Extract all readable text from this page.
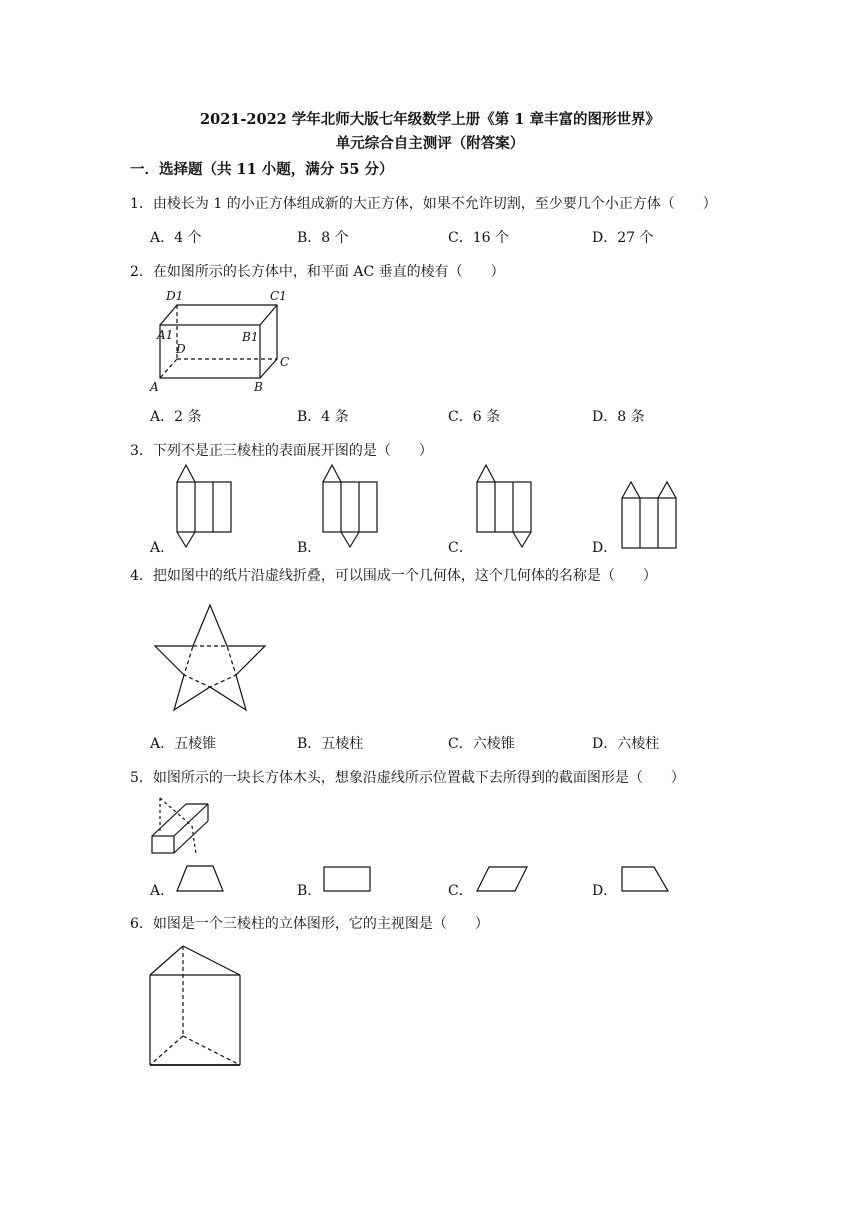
2021-2022 学年北师大版七年级数学上册《第 1 章丰富的图形世界》
单元综合自主测评（附答案）
一．选择题（共 11 小题，满分 55 分）
1．由棱长为 1 的小正方体组成新的大正方体，如果不允许切割，至少要几个小正方体（　　）
A．4 个	B．8 个	C．16 个	D．27 个
2．在如图所示的长方体中，和平面 AC 垂直的棱有（　　）
D1	C1
A1	B1
D
C
A	B
A．2 条	B．4 条	C．6 条	D．8 条
3．下列不是正三棱柱的表面展开图的是（　　）
A．	B．	C．	D．
4．把如图中的纸片沿虚线折叠，可以围成一个几何体，这个几何体的名称是（　　）
A．五棱锥	B．五棱柱	C．六棱锥	D．六棱柱
5．如图所示的一块长方体木头，想象沿虚线所示位置截下去所得到的截面图形是（　　）
A．	B．	C．	D．
6．如图是一个三棱柱的立体图形，它的主视图是（　　）
